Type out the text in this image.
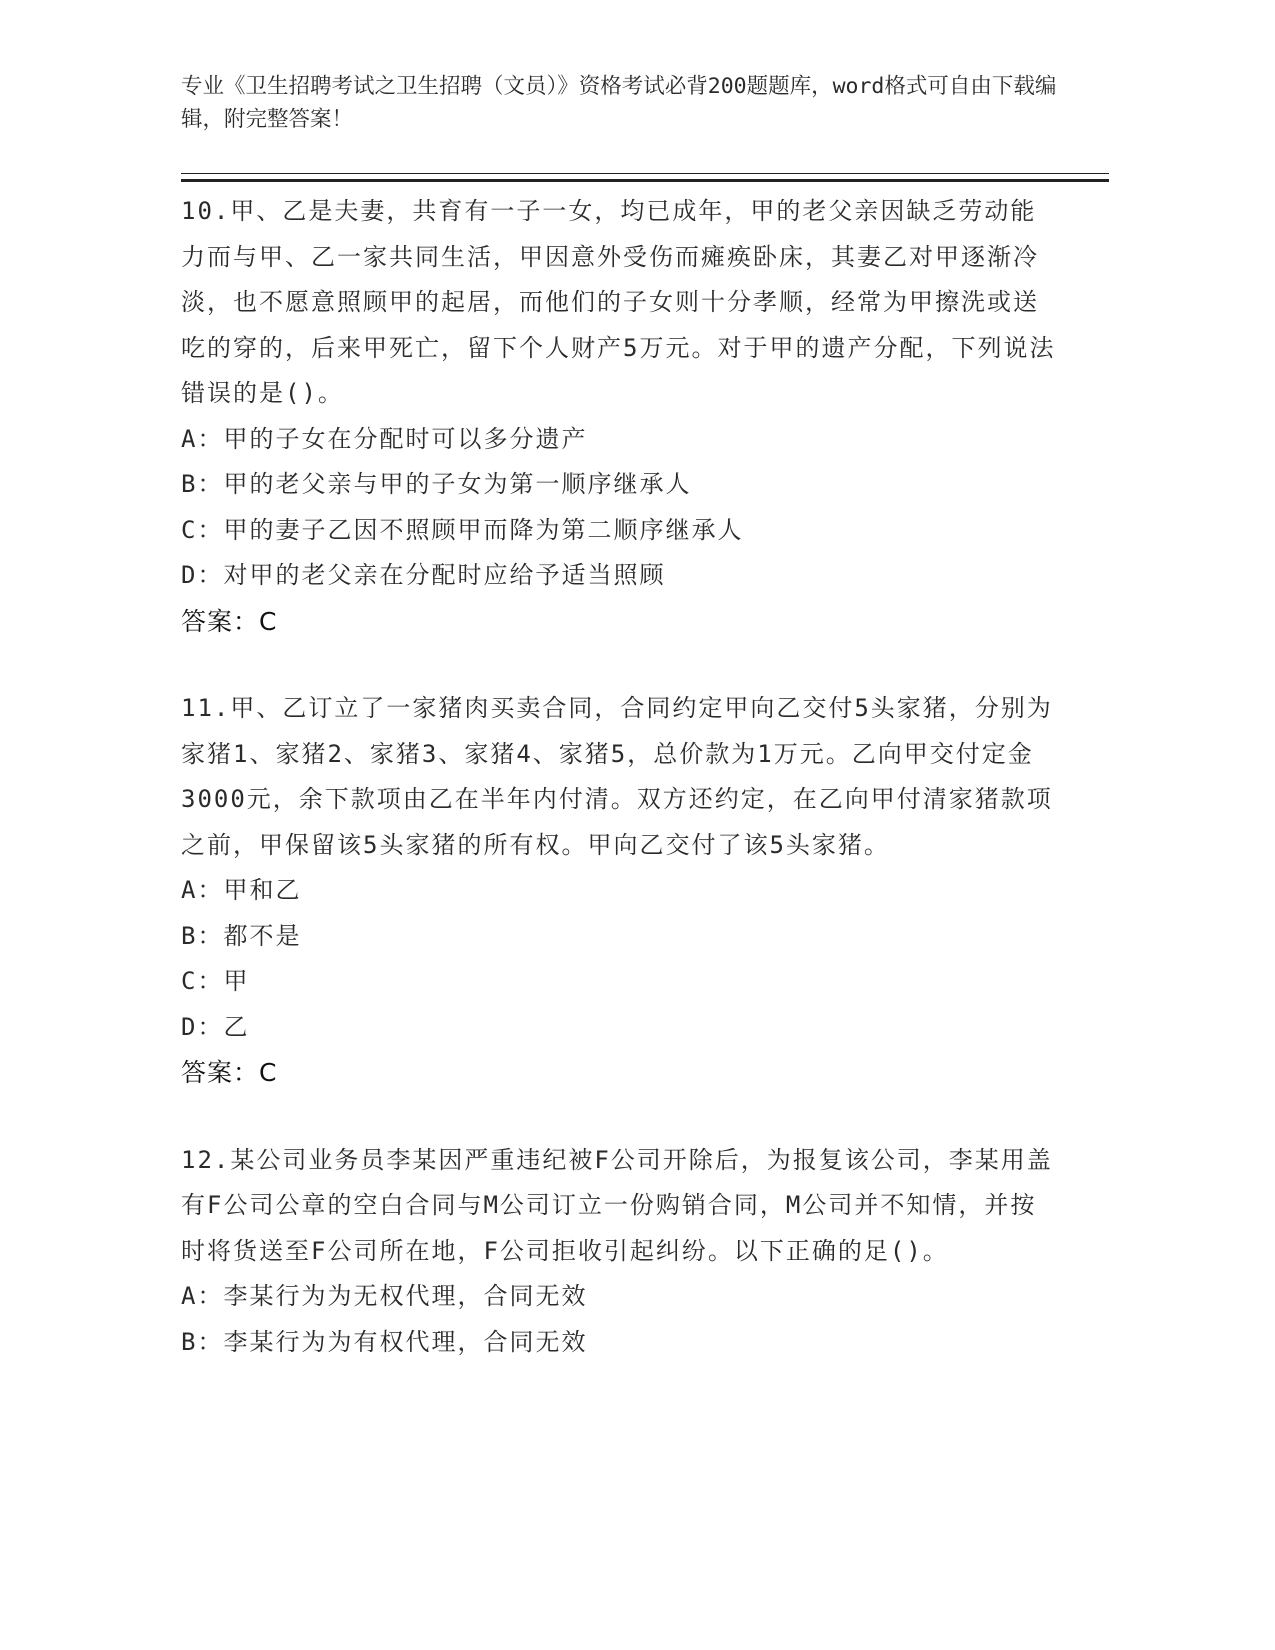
专业《卫生招聘考试之卫生招聘（文员）》资格考试必背200题题库，word格式可自由下载编辑，附完整答案！

10.甲、乙是夫妻，共育有一子一女，均已成年，甲的老父亲因缺乏劳动能力而与甲、乙一家共同生活，甲因意外受伤而瘫痪卧床，其妻乙对甲逐渐冷淡，也不愿意照顾甲的起居，而他们的子女则十分孝顺，经常为甲擦洗或送吃的穿的，后来甲死亡，留下个人财产5万元。对于甲的遗产分配，下列说法错误的是()。

A：甲的子女在分配时可以多分遗产

B：甲的老父亲与甲的子女为第一顺序继承人

C：甲的妻子乙因不照顾甲而降为第二顺序继承人

D：对甲的老父亲在分配时应给予适当照顾

答案：C

11.甲、乙订立了一家猪肉买卖合同，合同约定甲向乙交付5头家猪，分别为家猪1、家猪2、家猪3、家猪4、家猪5，总价款为1万元。乙向甲交付定金3000元，余下款项由乙在半年内付清。双方还约定，在乙向甲付清家猪款项之前，甲保留该5头家猪的所有权。甲向乙交付了该5头家猪。

A：甲和乙

B：都不是

C：甲

D：乙

答案：C

12.某公司业务员李某因严重违纪被F公司开除后，为报复该公司，李某用盖有F公司公章的空白合同与M公司订立一份购销合同，M公司并不知情，并按时将货送至F公司所在地，F公司拒收引起纠纷。以下正确的足()。

A：李某行为为无权代理，合同无效

B：李某行为为有权代理，合同无效
